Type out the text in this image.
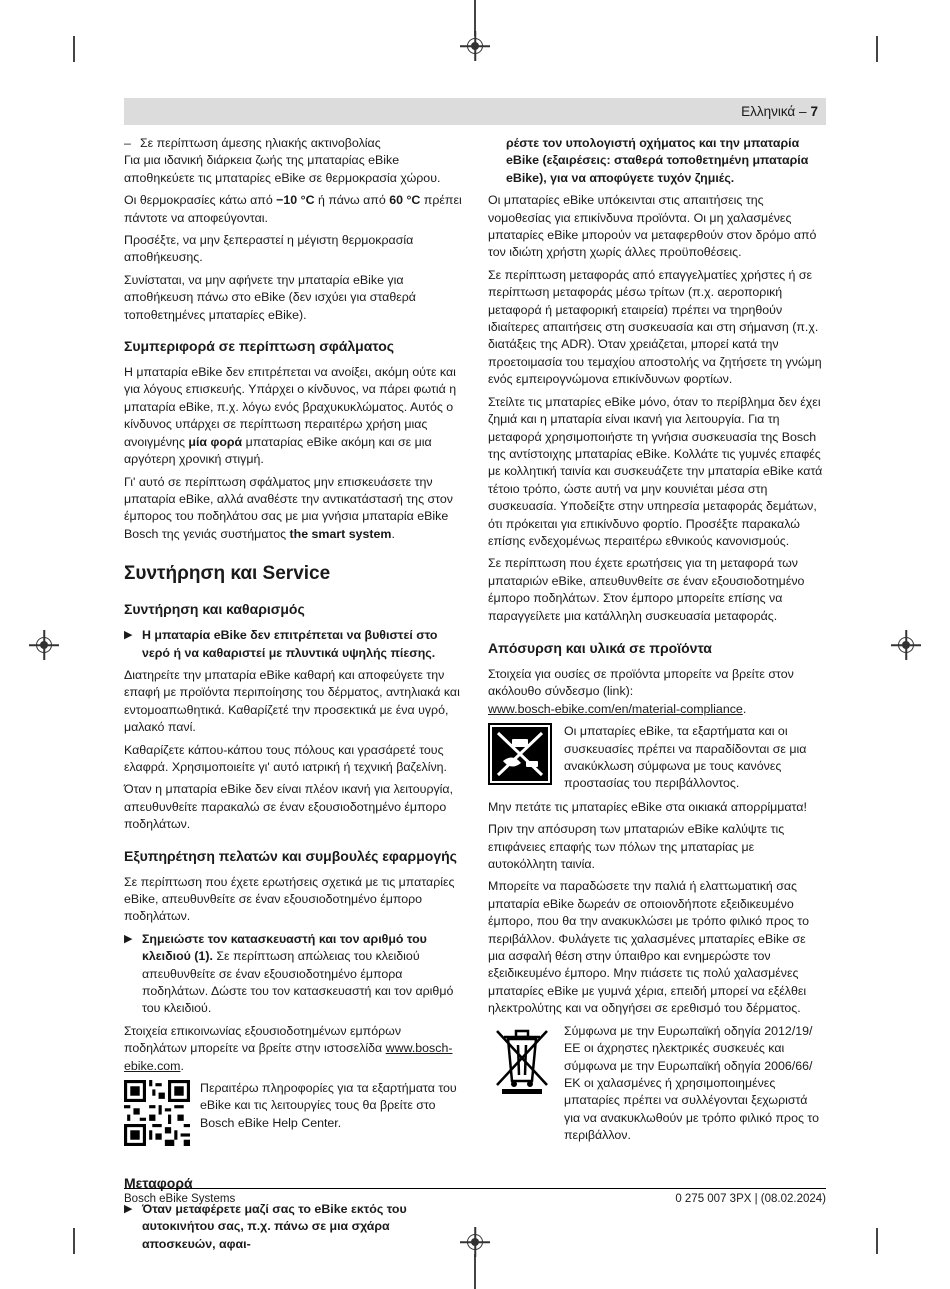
Ελληνικά – 7
– Σε περίπτωση άμεσης ηλιακής ακτινοβολίας

Για μια ιδανική διάρκεια ζωής της μπαταρίας eBike αποθηκεύετε τις μπαταρίες eBike σε θερμοκρασία χώρου.

Οι θερμοκρασίες κάτω από −10 °C ή πάνω από 60 °C πρέπει πάντοτε να αποφεύγονται.

Προσέξτε, να μην ξεπεραστεί η μέγιστη θερμοκρασία αποθήκευσης.

Συνίσταται, να μην αφήνετε την μπαταρία eBike για αποθήκευση πάνω στο eBike (δεν ισχύει για σταθερά τοποθετημένες μπαταρίες eBike).

Συμπεριφορά σε περίπτωση σφάλματος

Η μπαταρία eBike δεν επιτρέπεται να ανοίξει, ακόμη ούτε και για λόγους επισκευής. Υπάρχει ο κίνδυνος, να πάρει φωτιά η μπαταρία eBike, π.χ. λόγω ενός βραχυκυκλώματος. Αυτός ο κίνδυνος υπάρχει σε περίπτωση περαιτέρω χρήση μιας ανοιγμένης μία φορά μπαταρίας eBike ακόμη και σε μια αργότερη χρονική στιγμή.

Γι' αυτό σε περίπτωση σφάλματος μην επισκευάσετε την μπαταρία eBike, αλλά αναθέστε την αντικατάστασή της στον έμπορος του ποδηλάτου σας με μια γνήσια μπαταρία eBike Bosch της γενιάς συστήματος the smart system.

Συντήρηση και Service
Συντήρηση και καθαρισμός
▶ Η μπαταρία eBike δεν επιτρέπεται να βυθιστεί στο νερό ή να καθαριστεί με πλυντικά υψηλής πίεσης.

Διατηρείτε την μπαταρία eBike καθαρή και αποφεύγετε την επαφή με προϊόντα περιποίησης του δέρματος, αντηλιακά και εντομοαπωθητικά. Καθαρίζετέ την προσεκτικά με ένα υγρό, μαλακό πανί.

Καθαρίζετε κάπου-κάπου τους πόλους και γρασάρετέ τους ελαφρά. Χρησιμοποιείτε γι' αυτό ιατρική ή τεχνική βαζελίνη.

Όταν η μπαταρία eBike δεν είναι πλέον ικανή για λειτουργία, απευθυνθείτε παρακαλώ σε έναν εξουσιοδοτημένο έμπορο ποδηλάτων.

Εξυπηρέτηση πελατών και συμβουλές εφαρμογής

Σε περίπτωση που έχετε ερωτήσεις σχετικά με τις μπαταρίες eBike, απευθυνθείτε σε έναν εξουσιοδοτημένο έμπορο ποδηλάτων.

▶ Σημειώστε τον κατασκευαστή και τον αριθμό του κλειδιού (1). Σε περίπτωση απώλειας του κλειδιού απευθυνθείτε σε έναν εξουσιοδοτημένο έμπορα ποδηλάτων. Δώστε του τον κατασκευαστή και τον αριθμό του κλειδιού.

Στοιχεία επικοινωνίας εξουσιοδοτημένων εμπόρων ποδηλάτων μπορείτε να βρείτε στην ιστοσελίδα www.bosch-ebike.com.

Περαιτέρω πληροφορίες για τα εξαρτήματα του eBike και τις λειτουργίες τους θα βρείτε στο Bosch eBike Help Center.
Μεταφορά
▶ Όταν μεταφέρετε μαζί σας το eBike εκτός του αυτοκινήτου σας, π.χ. πάνω σε μια σχάρα αποσκευών, αφαι-

ρέστε τον υπολογιστή οχήματος και την μπαταρία eBike (εξαιρέσεις: σταθερά τοποθετημένη μπαταρία eBike), για να αποφύγετε τυχόν ζημιές.

Οι μπαταρίες eBike υπόκεινται στις απαιτήσεις της νομοθεσίας για επικίνδυνα προϊόντα. Οι μη χαλασμένες μπαταρίες eBike μπορούν να μεταφερθούν στον δρόμο από τον ιδιώτη χρήστη χωρίς άλλες προϋποθέσεις.

Σε περίπτωση μεταφοράς από επαγγελματίες χρήστες ή σε περίπτωση μεταφοράς μέσω τρίτων (π.χ. αεροπορική μεταφορά ή μεταφορική εταιρεία) πρέπει να τηρηθούν ιδιαίτερες απαιτήσεις στη συσκευασία και στη σήμανση (π.χ. διατάξεις της ADR). Όταν χρειάζεται, μπορεί κατά την προετοιμασία του τεμαχίου αποστολής να ζητήσετε τη γνώμη ενός εμπειρογνώμονα επικίνδυνων φορτίων.

Στείλτε τις μπαταρίες eBike μόνο, όταν το περίβλημα δεν έχει ζημιά και η μπαταρία είναι ικανή για λειτουργία. Για τη μεταφορά χρησιμοποιήστε τη γνήσια συσκευασία της Bosch της αντίστοιχης μπαταρίας eBike. Κολλάτε τις γυμνές επαφές με κολλητική ταινία και συσκευάζετε την μπαταρία eBike κατά τέτοιο τρόπο, ώστε αυτή να μην κουνιέται μέσα στη συσκευασία. Υποδείξτε στην υπηρεσία μεταφοράς δεμάτων, ότι πρόκειται για επικίνδυνο φορτίο. Προσέξτε παρακαλώ επίσης ενδεχομένως περαιτέρω εθνικούς κανονισμούς.

Σε περίπτωση που έχετε ερωτήσεις για τη μεταφορά των μπαταριών eBike, απευθυνθείτε σε έναν εξουσιοδοτημένο έμπορο ποδηλάτων. Στον έμπορο μπορείτε επίσης να παραγγείλετε μια κατάλληλη συσκευασία μεταφοράς.

Απόσυρση και υλικά σε προϊόντα

Στοιχεία για ουσίες σε προϊόντα μπορείτε να βρείτε στον ακόλουθο σύνδεσμο (link):

www.bosch-ebike.com/en/material-compliance.

Οι μπαταρίες eBike, τα εξαρτήματα και οι συσκευασίες πρέπει να παραδίδονται σε μια ανακύκλωση σύμφωνα με τους κανόνες προστασίας του περιβάλλοντος.

Μην πετάτε τις μπαταρίες eBike στα οικιακά απορρίμματα!

Πριν την απόσυρση των μπαταριών eBike καλύψτε τις επιφάνειες επαφής των πόλων της μπαταρίας με αυτοκόλλητη ταινία.

Μπορείτε να παραδώσετε την παλιά ή ελαττωματική σας μπαταρία eBike δωρεάν σε οποιονδήποτε εξειδικευμένο έμπορο, που θα την ανακυκλώσει με τρόπο φιλικό προς το περιβάλλον. Φυλάγετε τις χαλασμένες μπαταρίες eBike σε μια ασφαλή θέση στην ύπαιθρο και ενημερώστε τον εξειδικευμένο έμπορο. Μην πιάσετε τις πολύ χαλασμένες μπαταρίες eBike με γυμνά χέρια, επειδή μπορεί να εξέλθει ηλεκτρολύτης και να οδηγήσει σε ερεθισμό του δέρματος.

Σύμφωνα με την Ευρωπαϊκή οδηγία 2012/19/ΕΕ οι άχρηστες ηλεκτρικές συσκευές και σύμφωνα με την Ευρωπαϊκή οδηγία 2006/66/ΕΚ οι χαλασμένες ή χρησιμοποιημένες μπαταρίες πρέπει να συλλέγονται ξεχωριστά για να ανακυκλωθούν με τρόπο φιλικό προς το περιβάλλον.
Bosch eBike Systems	0 275 007 3PX | (08.02.2024)
